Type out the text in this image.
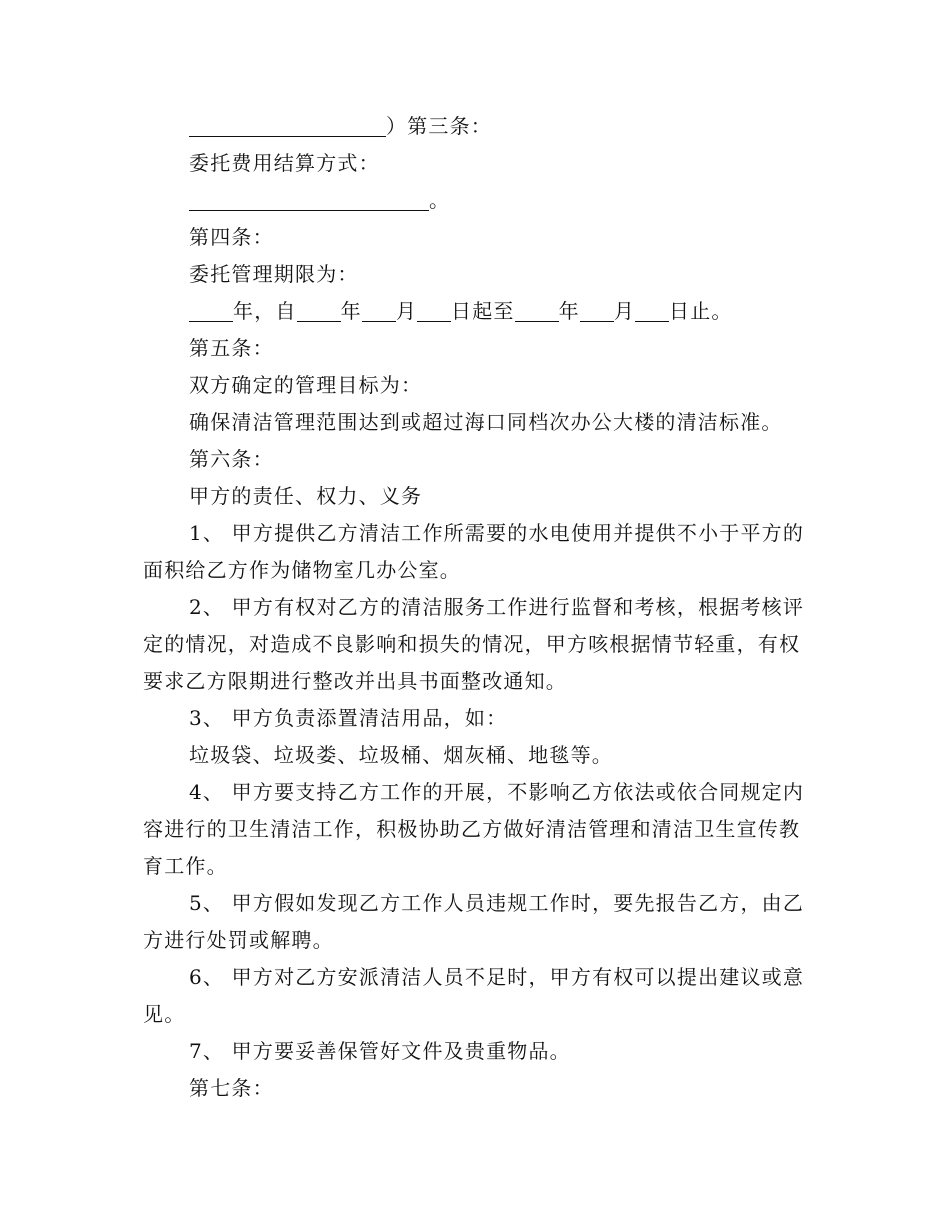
）第三条：

委托费用结算方式：

。

第四条：

委托管理期限为：

年，自 年 月 日起至 年 月 日止。

第五条：

双方确定的管理目标为：

确保清洁管理范围达到或超过海口同档次办公大楼的清洁标准。

第六条：

甲方的责任、权力、义务

1、 甲方提供乙方清洁工作所需要的水电使用并提供不小于平方的面积给乙方作为储物室几办公室。

2、 甲方有权对乙方的清洁服务工作进行监督和考核，根据考核评定的情况，对造成不良影响和损失的情况，甲方咳根据情节轻重，有权要求乙方限期进行整改并出具书面整改通知。

3、 甲方负责添置清洁用品，如：

垃圾袋、垃圾娄、垃圾桶、烟灰桶、地毯等。

4、 甲方要支持乙方工作的开展，不影响乙方依法或依合同规定内容进行的卫生清洁工作，积极协助乙方做好清洁管理和清洁卫生宣传教育工作。

5、 甲方假如发现乙方工作人员违规工作时，要先报告乙方，由乙方进行处罚或解聘。

6、 甲方对乙方安派清洁人员不足时，甲方有权可以提出建议或意见。

7、 甲方要妥善保管好文件及贵重物品。

第七条：
